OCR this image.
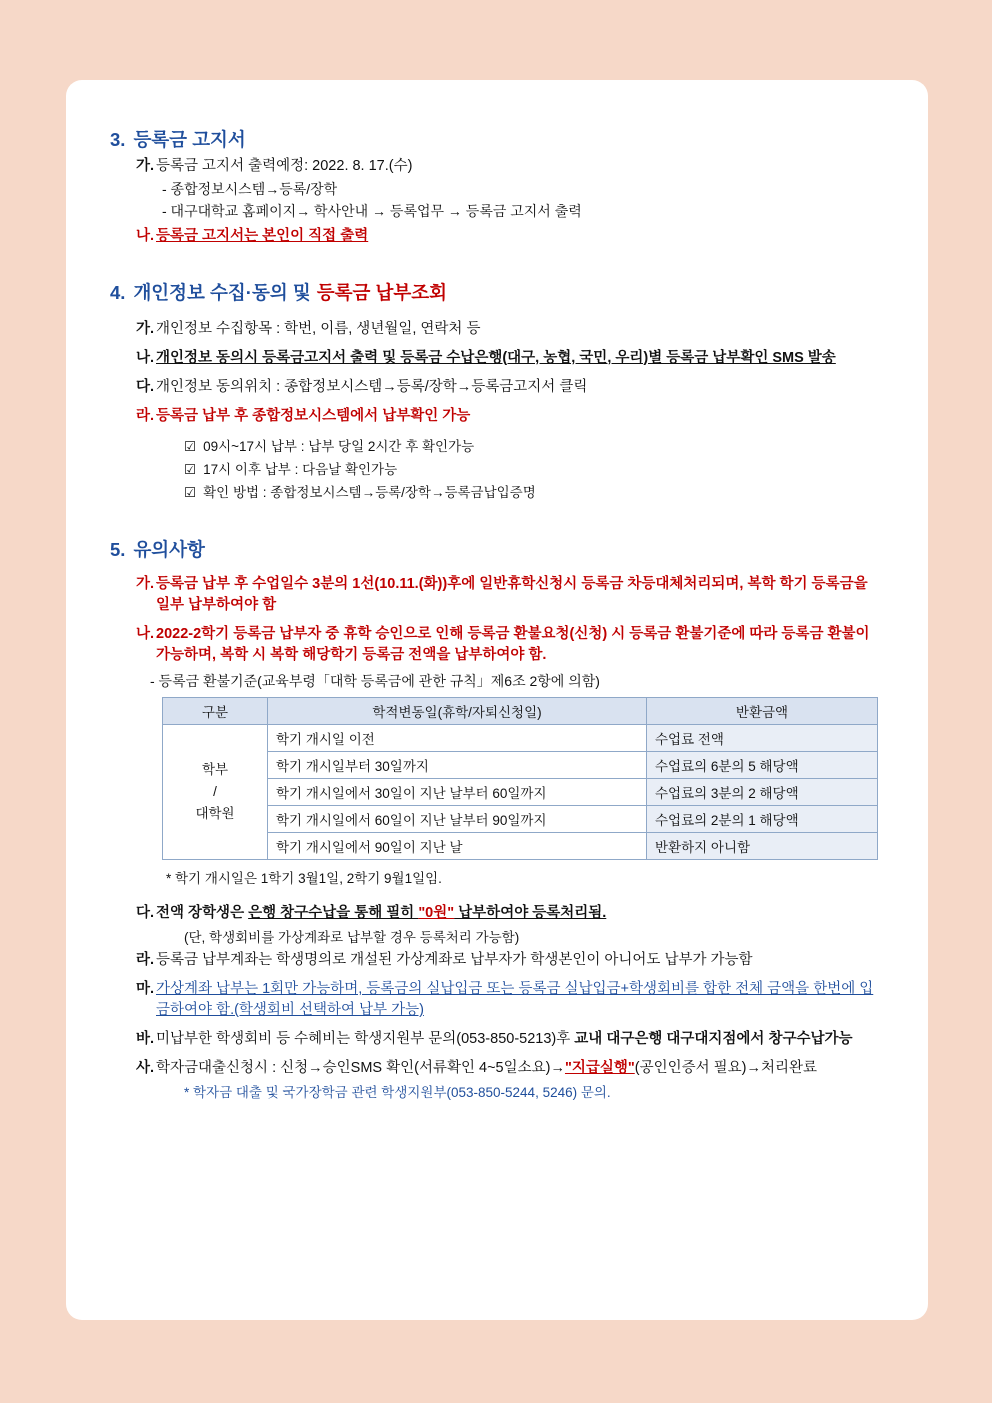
3. 등록금 고지서
가. 등록금 고지서 출력예정: 2022. 8. 17.(수)
- 종합정보시스템→등록/장학
- 대구대학교 홈페이지→ 학사안내 → 등록업무 → 등록금 고지서 출력
나. 등록금 고지서는 본인이 직접 출력
4. 개인정보 수집·동의 및 등록금 납부조회
가. 개인정보 수집항목 : 학번, 이름, 생년월일, 연락처 등
나. 개인정보 동의시 등록금고지서 출력 및 등록금 수납은행(대구, 농협, 국민, 우리)별 등록금 납부확인 SMS 발송
다. 개인정보 동의위치 : 종합정보시스템→등록/장학→등록금고지서 클릭
라. 등록금 납부 후 종합정보시스템에서 납부확인 가능
☑ 09시~17시 납부 : 납부 당일 2시간 후 확인가능
☑ 17시 이후 납부 : 다음날 확인가능
☑ 확인 방법 : 종합정보시스템→등록/장학→등록금납입증명
5. 유의사항
가. 등록금 납부 후 수업일수 3분의 1선(10.11.(화))후에 일반휴학신청시 등록금 차등대체처리되며, 복학 학기 등록금을 일부 납부하여야 함
나. 2022-2학기 등록금 납부자 중 휴학 승인으로 인해 등록금 환불요청(신청) 시 등록금 환불기준에 따라 등록금 환불이 가능하며, 복학 시 복학 해당학기 등록금 전액을 납부하여야 함.
- 등록금 환불기준(교육부령「대학 등록금에 관한 규칙」제6조 2항에 의함)
구분	학적변동일(휴학/자퇴신청일)	반환금액

학부
/
대학원	학기 개시일 이전	수업료 전액
	학기 개시일부터 30일까지	수업료의 6분의 5 해당액
	학기 개시일에서 30일이 지난 날부터 60일까지	수업료의 3분의 2 해당액
	학기 개시일에서 60일이 지난 날부터 90일까지	수업료의 2분의 1 해당액
	학기 개시일에서 90일이 지난 날	반환하지 아니함
* 학기 개시일은 1학기 3월1일, 2학기 9월1일임.
다. 전액 장학생은 은행 창구수납을 통해 필히 "0원" 납부하여야 등록처리됨.
(단, 학생회비를 가상계좌로 납부할 경우 등록처리 가능함)
라. 등록금 납부계좌는 학생명의로 개설된 가상계좌로 납부자가 학생본인이 아니어도 납부가 가능함
마. 가상계좌 납부는 1회만 가능하며, 등록금의 실납입금 또는 등록금 실납입금+학생회비를 합한 전체 금액을 한번에 입금하여야 함.(학생회비 선택하여 납부 가능)
바. 미납부한 학생회비 등 수혜비는 학생지원부 문의(053-850-5213)후 교내 대구은행 대구대지점에서 창구수납가능
사. 학자금대출신청시 : 신청→승인SMS 확인(서류확인 4~5일소요)→"지급실행"(공인인증서 필요)→처리완료
* 학자금 대출 및 국가장학금 관련 학생지원부(053-850-5244, 5246) 문의.
